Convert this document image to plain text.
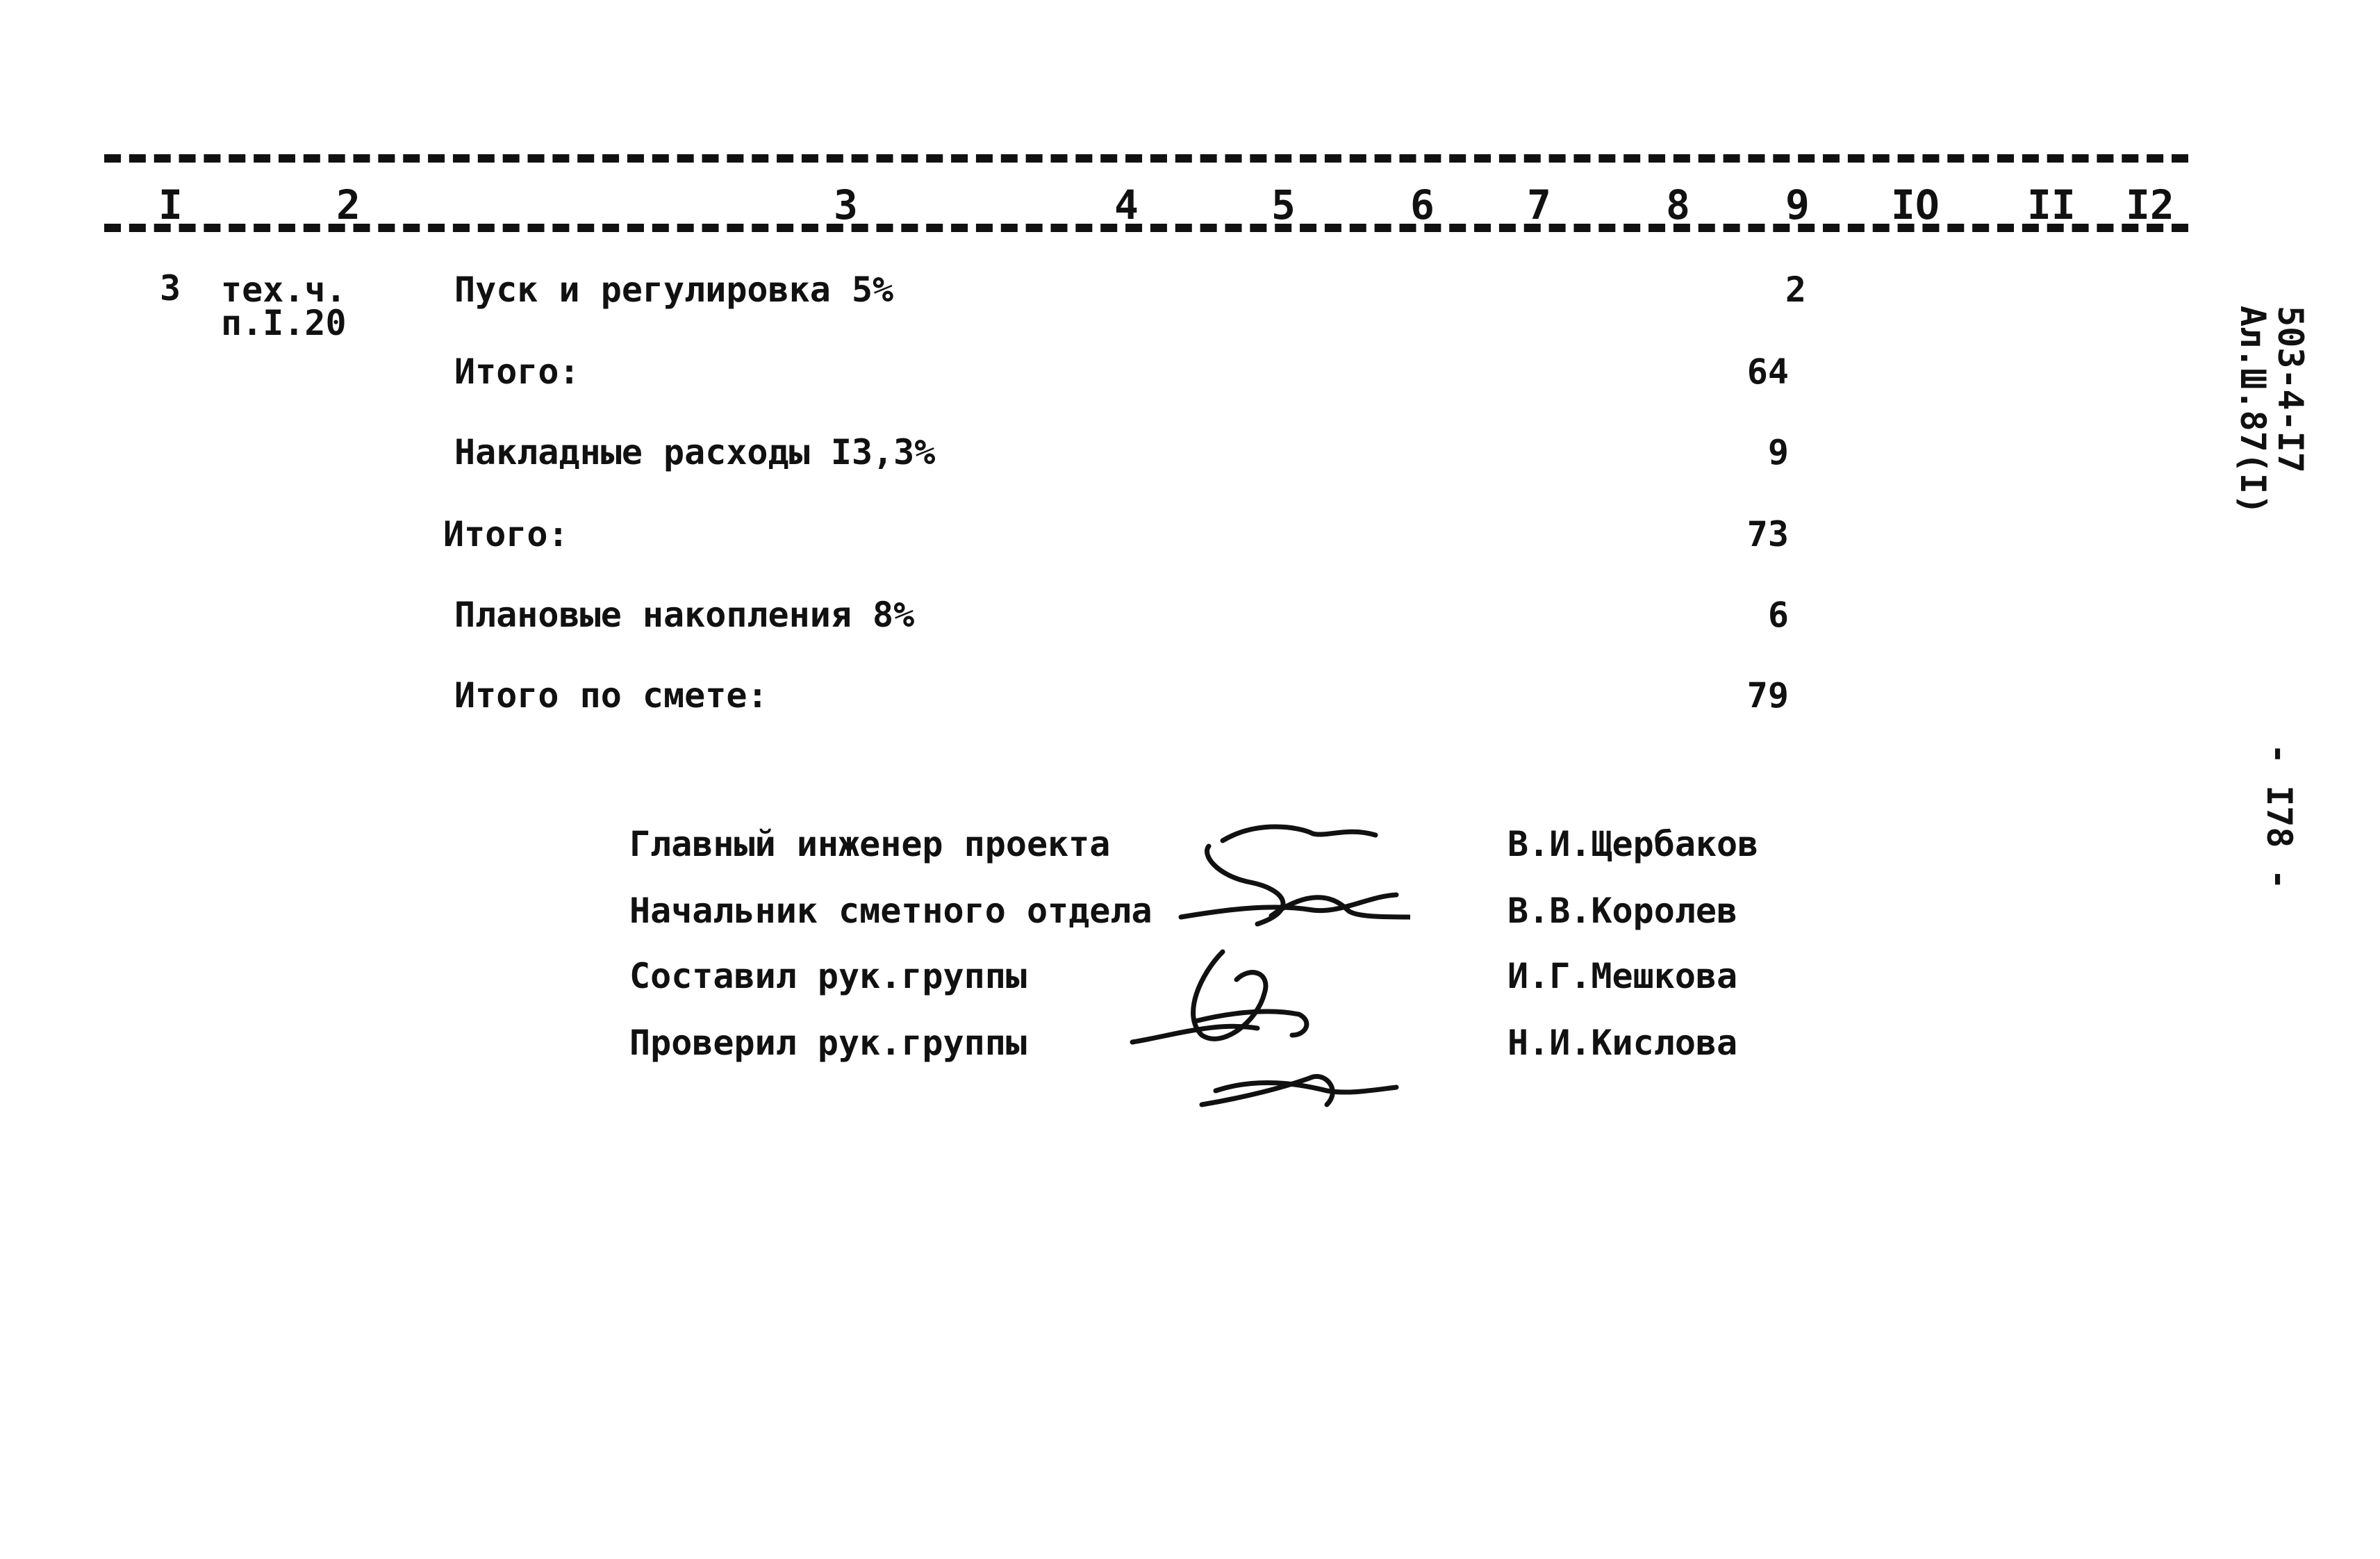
I	2	3	4	5	6 7	8 9 IO II I2
3 тех.ч.
п.I.20
Пуск и регулировка 5%	2
Итого:	64
Накладные расходы I3,3%	9
Итого:	73
Плановые накопления 8%	6
Итого по смете:	79
Главный инженер проекта	В.И.Щербаков
Начальник сметного отдела	В.В.Королев
Составил рук.группы	И.Г.Мешкова
Проверил рук.группы	Н.И.Кислова
503-4-I7
Ал.Ш.87(I)
- I78 -
